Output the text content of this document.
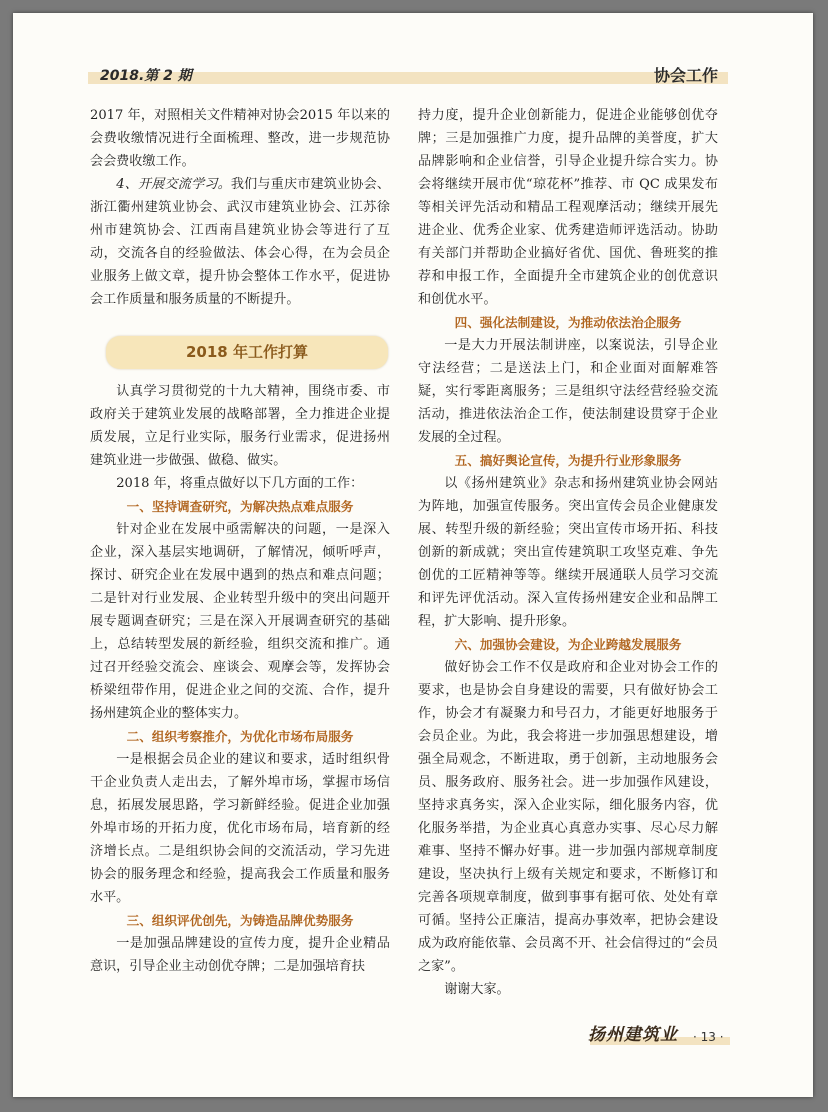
2018.第 2 期	协会工作

2017 年，对照相关文件精神对协会2015 年以来的会费收缴情况进行全面梳理、整改，进一步规范协会会费收缴工作。

4、开展交流学习。我们与重庆市建筑业协会、浙江衢州建筑业协会、武汉市建筑业协会、江苏徐州市建筑协会、江西南昌建筑业协会等进行了互动，交流各自的经验做法、体会心得，在为会员企业服务上做文章，提升协会整体工作水平，促进协会工作质量和服务质量的不断提升。

认真学习贯彻党的十九大精神，围绕市委、市政府关于建筑业发展的战略部署，全力推进企业提质发展，立足行业实际，服务行业需求，促进扬州建筑业进一步做强、做稳、做实。

2018 年，将重点做好以下几方面的工作：

一、坚持调查研究，为解决热点难点服务

针对企业在发展中亟需解决的问题，一是深入企业，深入基层实地调研，了解情况，倾听呼声，探讨、研究企业在发展中遇到的热点和难点问题；二是针对行业发展、企业转型升级中的突出问题开展专题调查研究；三是在深入开展调查研究的基础上，总结转型发展的新经验，组织交流和推广。通过召开经验交流会、座谈会、观摩会等，发挥协会桥梁纽带作用，促进企业之间的交流、合作，提升扬州建筑企业的整体实力。

二、组织考察推介，为优化市场布局服务

一是根据会员企业的建议和要求，适时组织骨干企业负责人走出去，了解外埠市场，掌握市场信息，拓展发展思路，学习新鲜经验。促进企业加强外埠市场的开拓力度，优化市场布局，培育新的经济增长点。二是组织协会间的交流活动，学习先进协会的服务理念和经验，提高我会工作质量和服务水平。

三、组织评优创先，为铸造品牌优势服务

一是加强品牌建设的宣传力度，提升企业精品意识，引导企业主动创优夺牌；二是加强培育扶

2018 年工作打算

持力度，提升企业创新能力，促进企业能够创优夺牌；三是加强推广力度，提升品牌的美誉度，扩大品牌影响和企业信誉，引导企业提升综合实力。协会将继续开展市优“琼花杯”推荐、市 QC 成果发布等相关评先活动和精品工程观摩活动；继续开展先进企业、优秀企业家、优秀建造师评选活动。协助有关部门并帮助企业搞好省优、国优、鲁班奖的推荐和申报工作，全面提升全市建筑企业的创优意识和创优水平。

四、强化法制建设，为推动依法治企服务

一是大力开展法制讲座，以案说法，引导企业守法经营；二是送法上门，和企业面对面解难答疑，实行零距离服务；三是组织守法经营经验交流活动，推进依法治企工作，使法制建设贯穿于企业发展的全过程。

五、搞好舆论宣传，为提升行业形象服务

以《扬州建筑业》杂志和扬州建筑业协会网站为阵地，加强宣传服务。突出宣传会员企业健康发展、转型升级的新经验；突出宣传市场开拓、科技创新的新成就；突出宣传建筑职工攻坚克难、争先创优的工匠精神等等。继续开展通联人员学习交流和评先评优活动。深入宣传扬州建安企业和品牌工程，扩大影响、提升形象。

六、加强协会建设，为企业跨越发展服务

做好协会工作不仅是政府和企业对协会工作的要求，也是协会自身建设的需要，只有做好协会工作，协会才有凝聚力和号召力，才能更好地服务于会员企业。为此，我会将进一步加强思想建设，增强全局观念，不断进取，勇于创新，主动地服务会员、服务政府、服务社会。进一步加强作风建设，坚持求真务实，深入企业实际，细化服务内容，优化服务举措，为企业真心真意办实事、尽心尽力解难事、坚持不懈办好事。进一步加强内部规章制度建设，坚决执行上级有关规定和要求，不断修订和完善各项规章制度，做到事事有据可依、处处有章可循。坚持公正廉洁，提高办事效率，把协会建设成为政府能依靠、会员离不开、社会信得过的“会员之家”。

谢谢大家。

扬州建筑业 · 13 ·
